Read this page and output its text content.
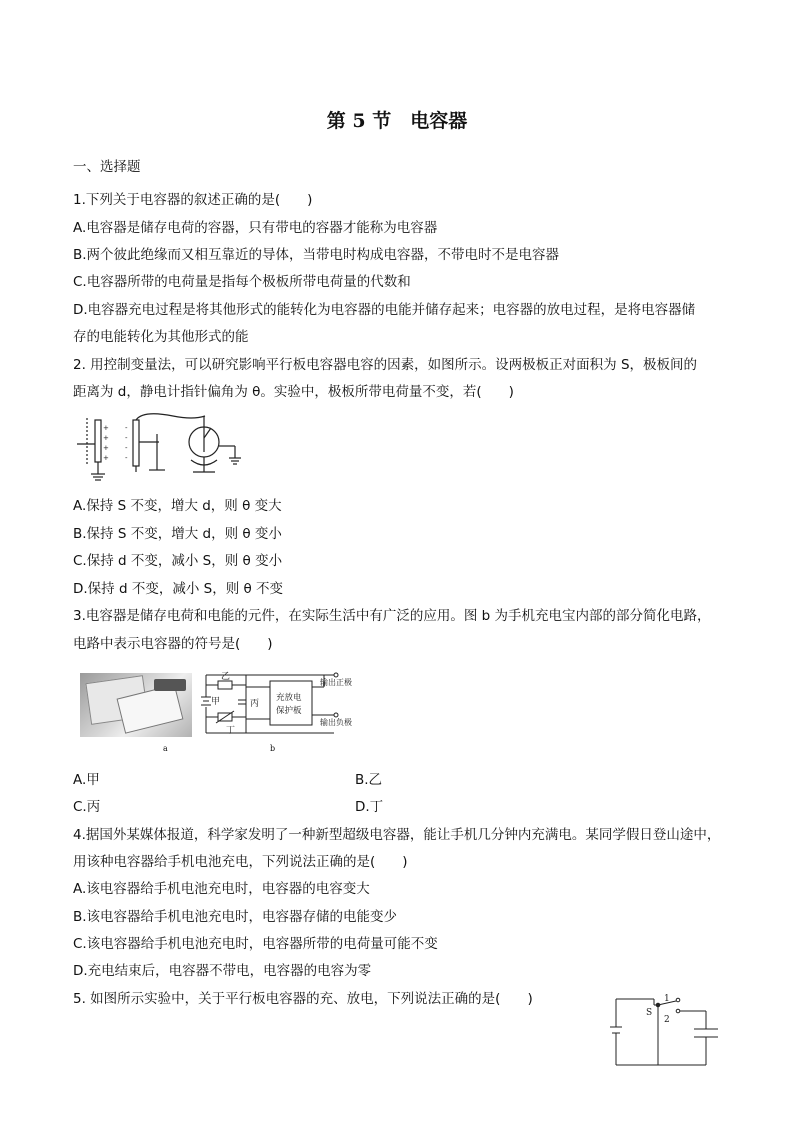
第 5 节　电容器
一、选择题
1.下列关于电容器的叙述正确的是(　　)
A.电容器是储存电荷的容器，只有带电的容器才能称为电容器
B.两个彼此绝缘而又相互靠近的导体，当带电时构成电容器，不带电时不是电容器
C.电容器所带的电荷量是指每个极板所带电荷量的代数和
D.电容器充电过程是将其他形式的能转化为电容器的电能并储存起来；电容器的放电过程，是将电容器储
存的电能转化为其他形式的能
2. 用控制变量法，可以研究影响平行板电容器电容的因素，如图所示。设两极板正对面积为 S，极板间的
距离为 d，静电计指针偏角为 θ。实验中，极板所带电荷量不变，若(　　)
+
+
+
+
-
-
-
-
A.保持 S 不变，增大 d，则 θ 变大
B.保持 S 不变，增大 d，则 θ 变小
C.保持 d 不变，减小 S，则 θ 变小
D.保持 d 不变，减小 S，则 θ 不变
3.电容器是储存电荷和电能的元件，在实际生活中有广泛的应用。图 b 为手机充电宝内部的部分简化电路，
电路中表示电容器的符号是(　　)
a
乙
甲	丙
丁
充放电
保护板
输出正极
输出负极
b
A.甲	B.乙
C.丙	D.丁
4.据国外某媒体报道，科学家发明了一种新型超级电容器，能让手机几分钟内充满电。某同学假日登山途中，
用该种电容器给手机电池充电，下列说法正确的是(　　)
A.该电容器给手机电池充电时，电容器的电容变大
B.该电容器给手机电池充电时，电容器存储的电能变少
C.该电容器给手机电池充电时，电容器所带的电荷量可能不变
D.充电结束后，电容器不带电，电容器的电容为零
5. 如图所示实验中，关于平行板电容器的充、放电，下列说法正确的是(　　)
S
1
2
